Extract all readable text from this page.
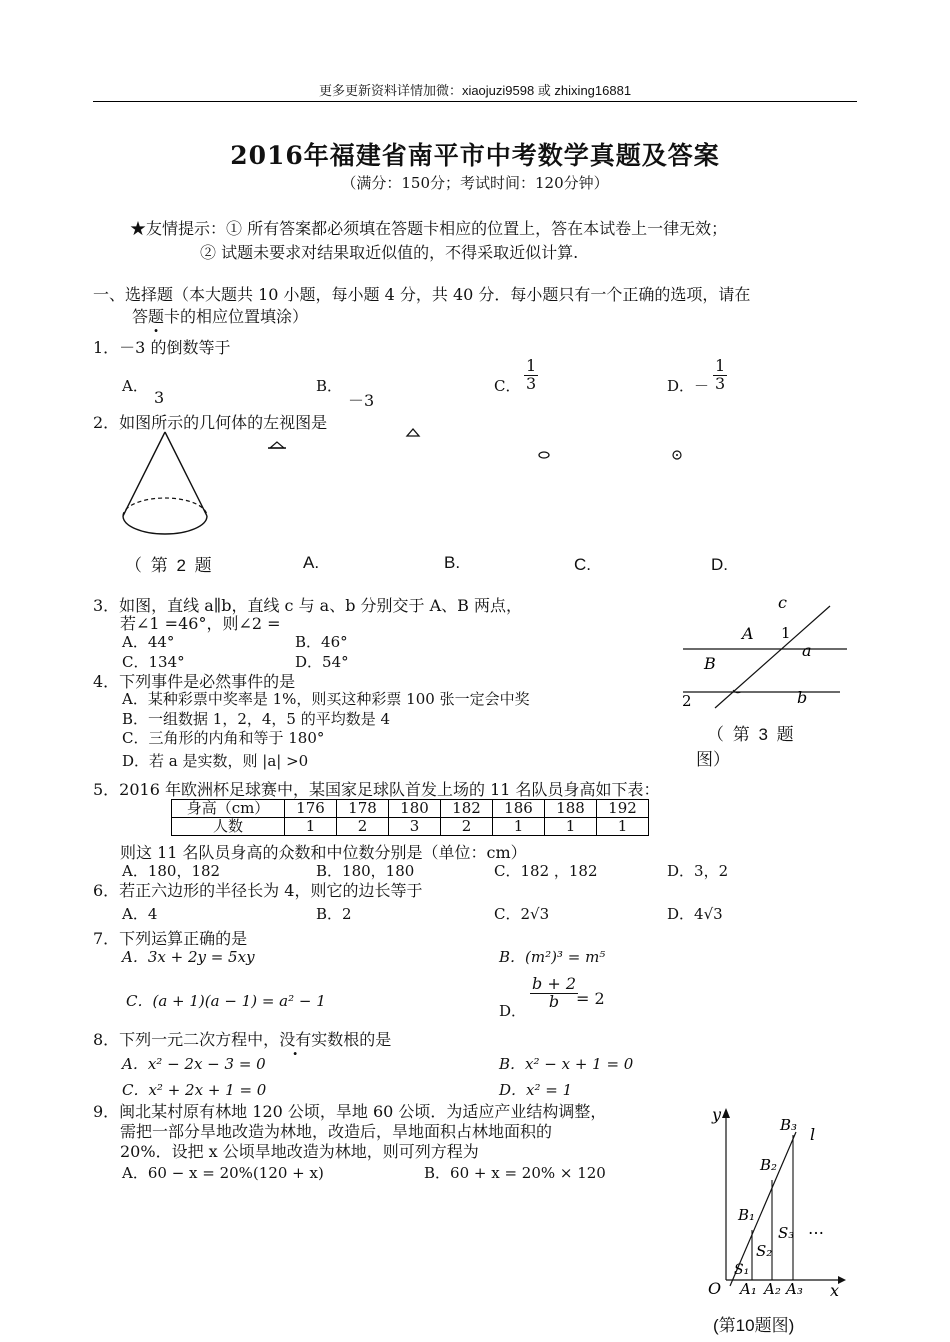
更多更新资料详情加微：xiaojuzi9598 或 zhixing16881
2016年福建省南平市中考数学真题及答案
（满分：150分；考试时间：120分钟）
★友情提示：① 所有答案都必须填在答题卡相应的位置上，答在本试卷上一律无效；
② 试题未要求对结果取近似值的，不得采取近似计算.
一、选择题（本大题共 10 小题，每小题 4 分，共 40 分．每小题只有一个正确的选项，请在
答题卡的相应位置填涂）
1．－3 的倒数等于
A．
3
B．
－3
C． $\frac{1}{3}$	D．－ $\frac{1}{3}$
2．如图所示的几何体的左视图是
（ 第 2 题	A.	B.	C.	D.
3．如图，直线 a∥b，直线 c 与 a、b 分别交于 A、B 两点，
若∠1 =46°，则∠2 =
A．44°	B．46°
C．134°	D．54°
c
A 1
a
B
2	b
（ 第 3 题
图）
4．下列事件是必然事件的是
A．某种彩票中奖率是 1%，则买这种彩票 100 张一定会中奖
B．一组数据 1，2，4，5 的平均数是 4
C．三角形的内角和等于 180°
D．若 a 是实数，则 |a| >0
5．2016 年欧洲杯足球赛中，某国家足球队首发上场的 11 名队员身高如下表：
身高（cm）	176	178	180	182	186	188	192
人数	1	2	3	2	1	1	1
则这 11 名队员身高的众数和中位数分别是（单位：cm）
A．180，182	B．180，180	C．182 ，182	D．3，2
6．若正六边形的半径长为 4，则它的边长等于
A．4	B．2	C．2√3	D．4√3
7．下列运算正确的是
A．3x + 2y = 5xy	B．(m²)³ = m⁵
C．(a + 1)(a − 1) = a² − 1
D．
$\frac{b + 2}{b}$
= 2
8．下列一元二次方程中，没有实数根的是
A．x² − 2x − 3 = 0	B．x² − x + 1 = 0
C．x² + 2x + 1 = 0	D．x² = 1
9．闽北某村原有林地 120 公顷，旱地 60 公顷．为适应产业结构调整，
需把一部分旱地改造为林地，改造后，旱地面积占林地面积的
20%．设把 x 公顷旱地改造为林地，则可列方程为
A．60 − x = 20%(120 + x)	B．60 + x = 20% × 120
y
x
O
l
B₃
B₂
B₁
S₃
S₂
S₁
…
A₁ A₂ A₃
(第10题图)
